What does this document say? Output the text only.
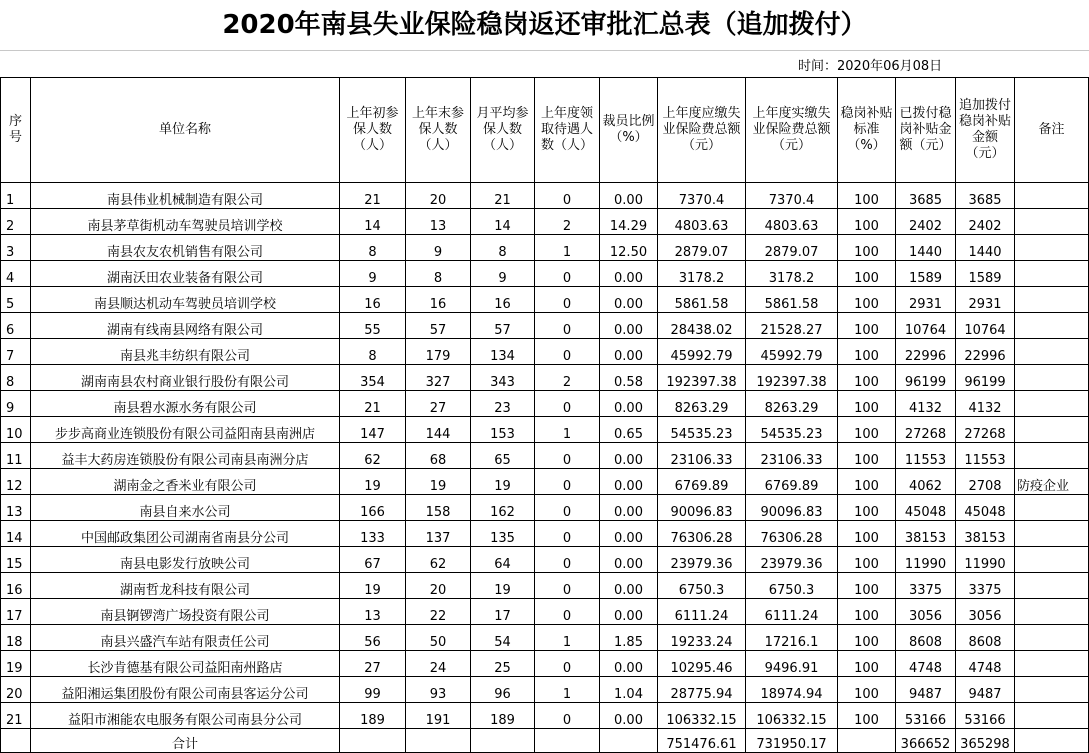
2020年南县失业保险稳岗返还审批汇总表（追加拨付）
时间：2020年06月08日
序号	单位名称	上年初参保人数（人）	上年末参保人数（人）	月平均参保人数（人）	上年度领取待遇人数（人）	裁员比例（%）	上年度应缴失业保险费总额（元）	上年度实缴失业保险费总额（元）	稳岗补贴标准（%）	已拨付稳岗补贴金额（元）	追加拨付稳岗补贴金额（元）	备注
1	南县伟业机械制造有限公司	21	20	21	0	0.00	7370.4	7370.4	100	3685	3685	
2	南县茅草街机动车驾驶员培训学校	14	13	14	2	14.29	4803.63	4803.63	100	2402	2402	
3	南县农友农机销售有限公司	8	9	8	1	12.50	2879.07	2879.07	100	1440	1440	
4	湖南沃田农业装备有限公司	9	8	9	0	0.00	3178.2	3178.2	100	1589	1589	
5	南县顺达机动车驾驶员培训学校	16	16	16	0	0.00	5861.58	5861.58	100	2931	2931	
6	湖南有线南县网络有限公司	55	57	57	0	0.00	28438.02	21528.27	100	10764	10764	
7	南县兆丰纺织有限公司	8	179	134	0	0.00	45992.79	45992.79	100	22996	22996	
8	湖南南县农村商业银行股份有限公司	354	327	343	2	0.58	192397.38	192397.38	100	96199	96199	
9	南县碧水源水务有限公司	21	27	23	0	0.00	8263.29	8263.29	100	4132	4132	
10	步步高商业连锁股份有限公司益阳南县南洲店	147	144	153	1	0.65	54535.23	54535.23	100	27268	27268	
11	益丰大药房连锁股份有限公司南县南洲分店	62	68	65	0	0.00	23106.33	23106.33	100	11553	11553	
12	湖南金之香米业有限公司	19	19	19	0	0.00	6769.89	6769.89	100	4062	2708	防疫企业
13	南县自来水公司	166	158	162	0	0.00	90096.83	90096.83	100	45048	45048	
14	中国邮政集团公司湖南省南县分公司	133	137	135	0	0.00	76306.28	76306.28	100	38153	38153	
15	南县电影发行放映公司	67	62	64	0	0.00	23979.36	23979.36	100	11990	11990	
16	湖南哲龙科技有限公司	19	20	19	0	0.00	6750.3	6750.3	100	3375	3375	
17	南县锕锣湾广场投资有限公司	13	22	17	0	0.00	6111.24	6111.24	100	3056	3056	
18	南县兴盛汽车站有限责任公司	56	50	54	1	1.85	19233.24	17216.1	100	8608	8608	
19	长沙肯德基有限公司益阳南州路店	27	24	25	0	0.00	10295.46	9496.91	100	4748	4748	
20	益阳湘运集团股份有限公司南县客运分公司	99	93	96	1	1.04	28775.94	18974.94	100	9487	9487	
21	益阳市湘能农电服务有限公司南县分公司	189	191	189	0	0.00	106332.15	106332.15	100	53166	53166	
	合计						751476.61	731950.17		366652	365298	
